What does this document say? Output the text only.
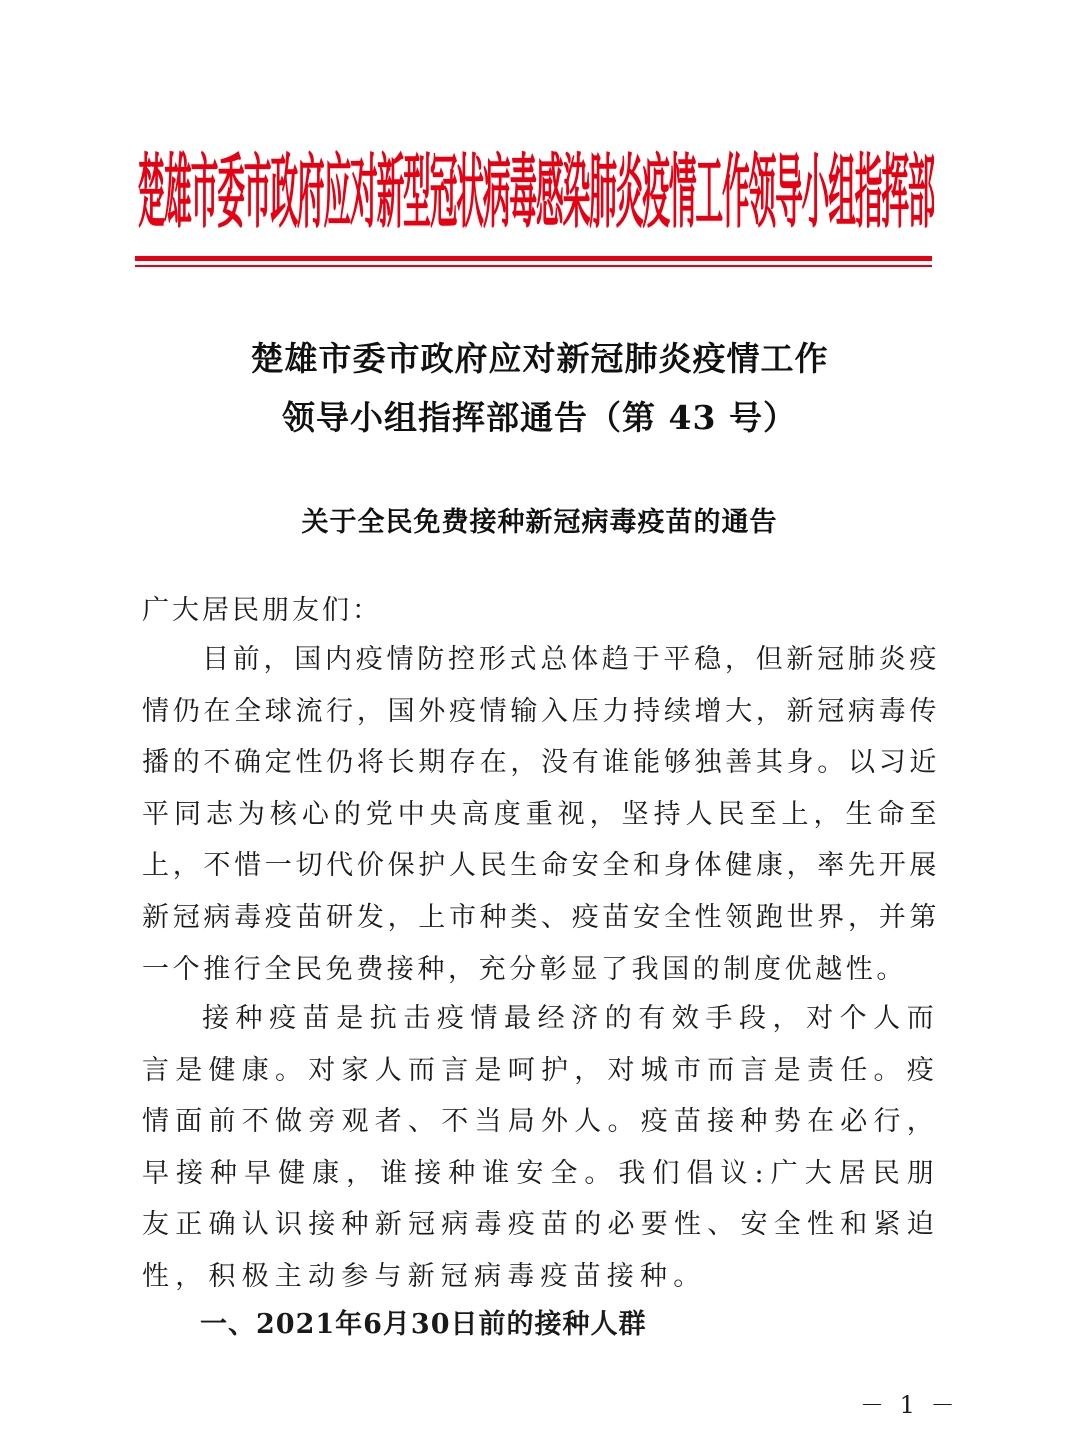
楚雄市委市政府应对新型冠状病毒感染肺炎疫情工作领导小组指挥部
楚雄市委市政府应对新冠肺炎疫情工作
领导小组指挥部通告（第 43 号）
关于全民免费接种新冠病毒疫苗的通告
广大居民朋友们：

目前，国内疫情防控形式总体趋于平稳，但新冠肺炎疫情仍在全球流行，国外疫情输入压力持续增大，新冠病毒传播的不确定性仍将长期存在，没有谁能够独善其身。以习近平同志为核心的党中央高度重视，坚持人民至上，生命至上，不惜一切代价保护人民生命安全和身体健康，率先开展新冠病毒疫苗研发，上市种类、疫苗安全性领跑世界，并第一个推行全民免费接种，充分彰显了我国的制度优越性。

接种疫苗是抗击疫情最经济的有效手段，对个人而言是健康。对家人而言是呵护，对城市而言是责任。疫情面前不做旁观者、不当局外人。疫苗接种势在必行，早接种早健康，谁接种谁安全。我们倡议:广大居民朋友正确认识接种新冠病毒疫苗的必要性、安全性和紧迫性，积极主动参与新冠病毒疫苗接种。

一、2021年6月30日前的接种人群
－ 1 －
